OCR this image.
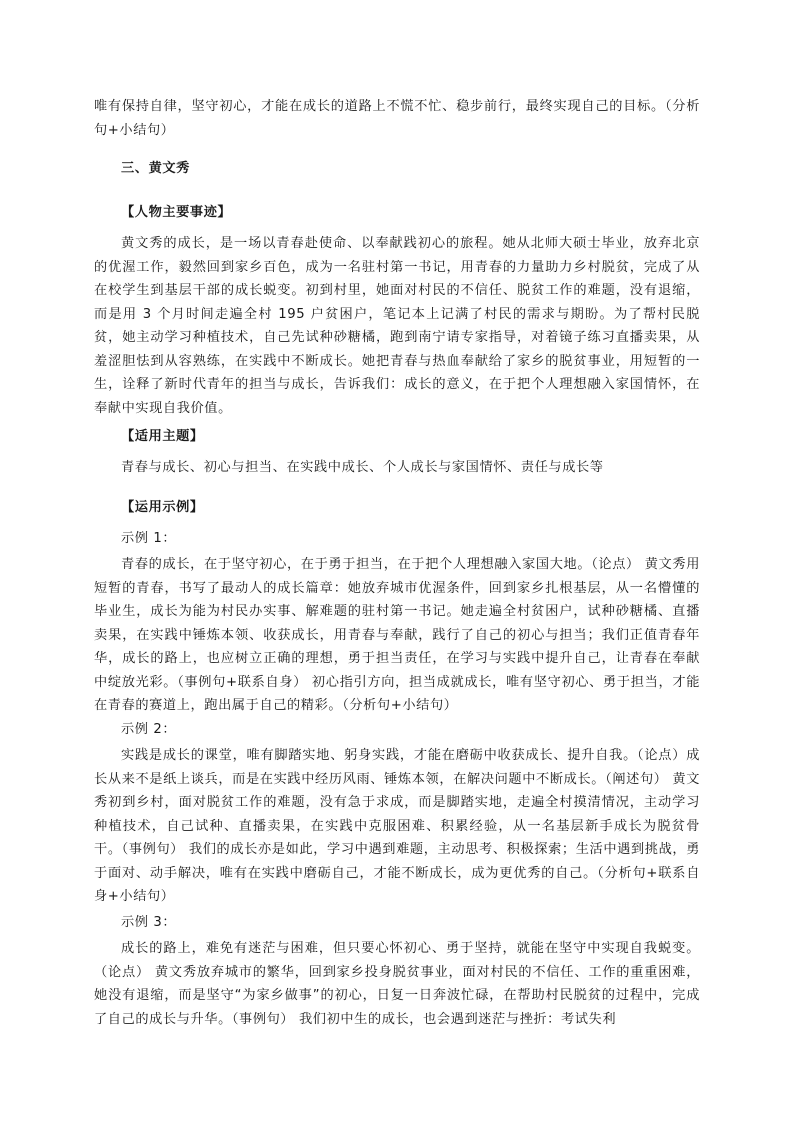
唯有保持自律，坚守初心，才能在成长的道路上不慌不忙、稳步前行，最终实现自己的目标。（分析句+小结句）

三、黄文秀

【人物主要事迹】

黄文秀的成长，是一场以青春赴使命、以奉献践初心的旅程。她从北师大硕士毕业，放弃北京的优渥工作，毅然回到家乡百色，成为一名驻村第一书记，用青春的力量助力乡村脱贫，完成了从在校学生到基层干部的成长蜕变。初到村里，她面对村民的不信任、脱贫工作的难题，没有退缩，而是用 3 个月时间走遍全村 195 户贫困户，笔记本上记满了村民的需求与期盼。为了帮村民脱贫，她主动学习种植技术，自己先试种砂糖橘，跑到南宁请专家指导，对着镜子练习直播卖果，从羞涩胆怯到从容熟练，在实践中不断成长。她把青春与热血奉献给了家乡的脱贫事业，用短暂的一生，诠释了新时代青年的担当与成长，告诉我们：成长的意义，在于把个人理想融入家国情怀，在奉献中实现自我价值。

【适用主题】

青春与成长、初心与担当、在实践中成长、个人成长与家国情怀、责任与成长等

【运用示例】

示例 1：

青春的成长，在于坚守初心，在于勇于担当，在于把个人理想融入家国大地。（论点） 黄文秀用短暂的青春，书写了最动人的成长篇章：她放弃城市优渥条件，回到家乡扎根基层，从一名懵懂的毕业生，成长为能为村民办实事、解难题的驻村第一书记。她走遍全村贫困户，试种砂糖橘、直播卖果，在实践中锤炼本领、收获成长，用青春与奉献，践行了自己的初心与担当；我们正值青春年华，成长的路上，也应树立正确的理想，勇于担当责任，在学习与实践中提升自己，让青春在奉献中绽放光彩。（事例句+联系自身） 初心指引方向，担当成就成长，唯有坚守初心、勇于担当，才能在青春的赛道上，跑出属于自己的精彩。（分析句+小结句）

示例 2：

实践是成长的课堂，唯有脚踏实地、躬身实践，才能在磨砺中收获成长、提升自我。（论点）成长从来不是纸上谈兵，而是在实践中经历风雨、锤炼本领，在解决问题中不断成长。（阐述句） 黄文秀初到乡村，面对脱贫工作的难题，没有急于求成，而是脚踏实地，走遍全村摸清情况，主动学习种植技术，自己试种、直播卖果，在实践中克服困难、积累经验，从一名基层新手成长为脱贫骨干。（事例句） 我们的成长亦是如此，学习中遇到难题，主动思考、积极探索；生活中遇到挑战，勇于面对、动手解决，唯有在实践中磨砺自己，才能不断成长，成为更优秀的自己。（分析句+联系自身+小结句）

示例 3：

成长的路上，难免有迷茫与困难，但只要心怀初心、勇于坚持，就能在坚守中实现自我蜕变。（论点） 黄文秀放弃城市的繁华，回到家乡投身脱贫事业，面对村民的不信任、工作的重重困难，她没有退缩，而是坚守“为家乡做事”的初心，日复一日奔波忙碌，在帮助村民脱贫的过程中，完成了自己的成长与升华。（事例句） 我们初中生的成长，也会遇到迷茫与挫折：考试失利
